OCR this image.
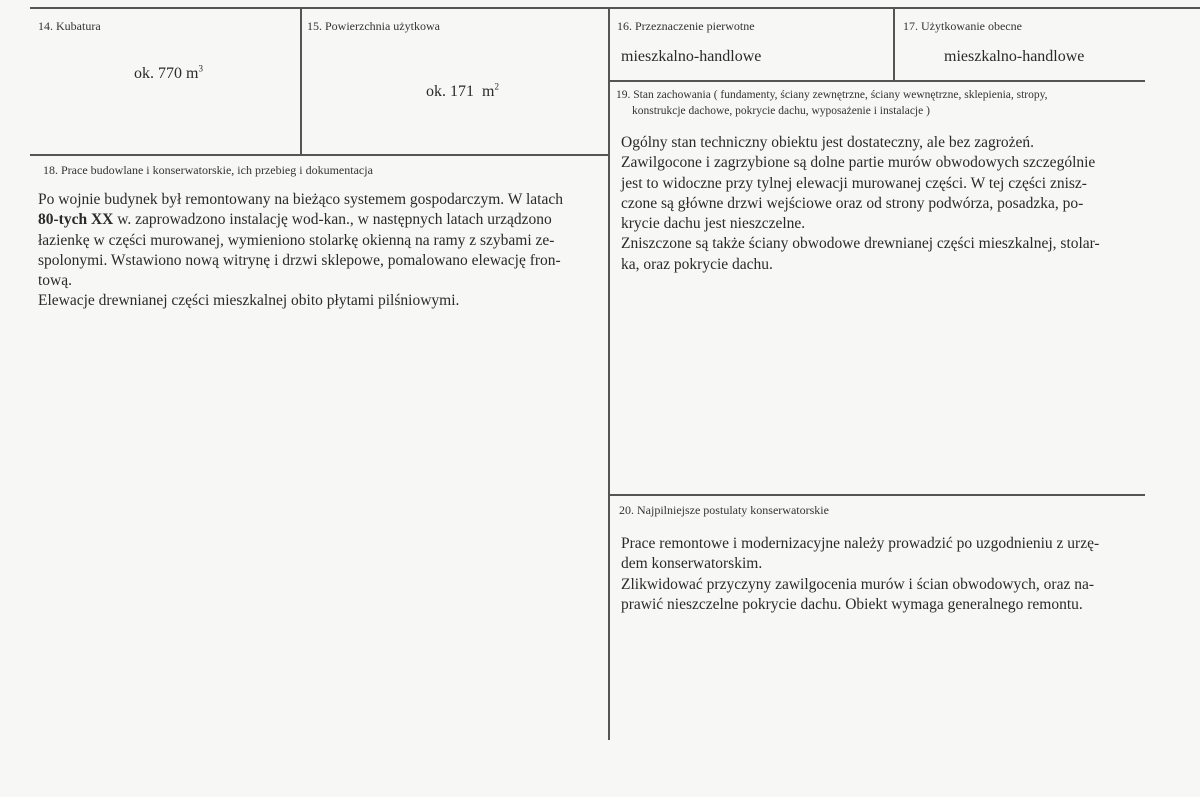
14. Kubatura
ok. 770 $m^3$
15. Powierzchnia użytkowa

ok. 171  $m^2$

16. Przeznaczenie pierwotne
mieszkalno-handlowe
17. Użytkowanie obecne
mieszkalno-handlowe
19. Stan zachowania ( fundamenty, ściany zewnętrzne, ściany wewnętrzne, sklepienia, stropy,
konstrukcje dachowe, pokrycie dachu, wyposażenie i instalacje )
Ogólny stan techniczny obiektu jest dostateczny, ale bez zagrożeń.
Zawilgocone i zagrzybione są dolne partie murów obwodowych szczególnie
jest to widoczne przy tylnej elewacji murowanej części. W tej części znisz-
czone są główne drzwi wejściowe oraz od strony podwórza, posadzka, po-
krycie dachu jest nieszczelne.
Zniszczone są także ściany obwodowe drewnianej części mieszkalnej, stolar-
ka, oraz pokrycie dachu.
18. Prace budowlane i konserwatorskie, ich przebieg i dokumentacja
Po wojnie budynek był remontowany na bieżąco systemem gospodarczym. W latach
80-tych XX w. zaprowadzono instalację wod-kan., w następnych latach urządzono
łazienkę w części murowanej, wymieniono stolarkę okienną na ramy z szybami ze-
spolonymi. Wstawiono nową witrynę i drzwi sklepowe, pomalowano elewację fron-
tową.
Elewacje drewnianej części mieszkalnej obito płytami pilśniowymi.
20. Najpilniejsze postulaty konserwatorskie
Prace remontowe i modernizacyjne należy prowadzić po uzgodnieniu z urzę-
dem konserwatorskim.
Zlikwidować przyczyny zawilgocenia murów i ścian obwodowych, oraz na-
prawić nieszczelne pokrycie dachu. Obiekt wymaga generalnego remontu.
